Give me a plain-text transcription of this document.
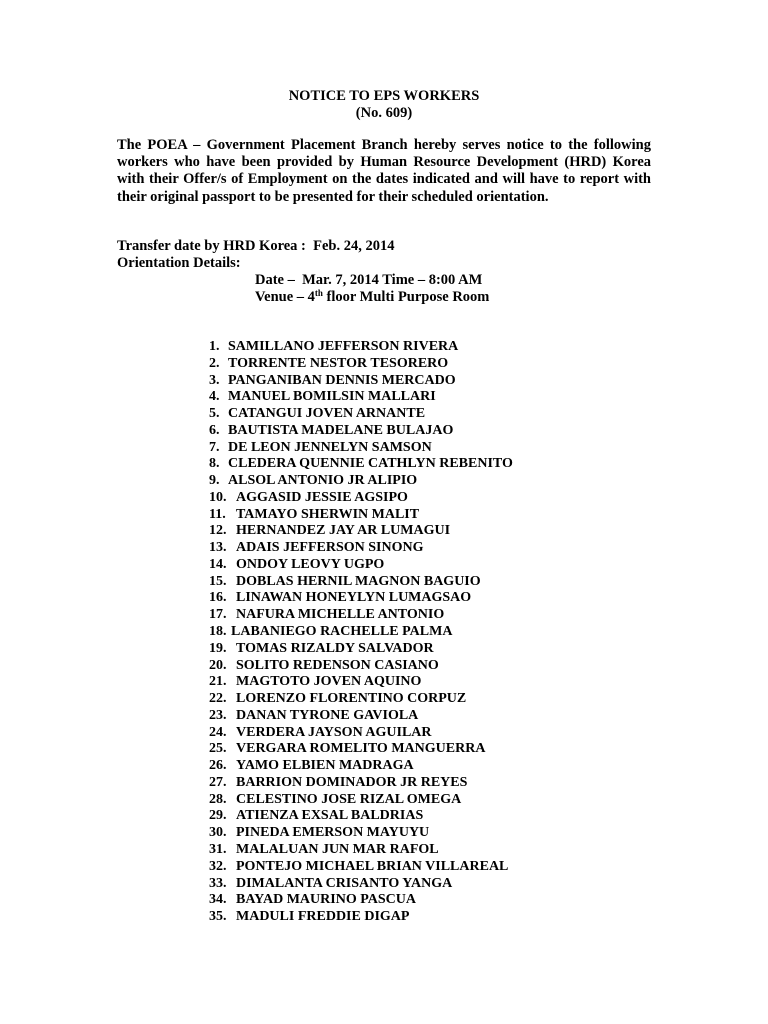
NOTICE TO EPS WORKERS
(No. 609)
The POEA – Government Placement Branch hereby serves notice to the following workers who have been provided by Human Resource Development (HRD) Korea with their Offer/s of Employment on the dates indicated and will have to report with their original passport to be presented for their scheduled orientation.
Transfer date by HRD Korea : Feb. 24, 2014
Orientation Details:
Date –  Mar. 7, 2014 Time – 8:00 AM
Venue – 4th floor Multi Purpose Room
1. SAMILLANO JEFFERSON RIVERA
2. TORRENTE NESTOR TESORERO
3. PANGANIBAN DENNIS MERCADO
4. MANUEL BOMILSIN MALLARI
5. CATANGUI JOVEN ARNANTE
6. BAUTISTA MADELANE BULAJAO
7. DE LEON JENNELYN SAMSON
8. CLEDERA QUENNIE CATHLYN REBENITO
9. ALSOL ANTONIO JR ALIPIO
10. AGGASID JESSIE AGSIPO
11. TAMAYO SHERWIN MALIT
12. HERNANDEZ JAY AR LUMAGUI
13. ADAIS JEFFERSON SINONG
14. ONDOY LEOVY UGPO
15. DOBLAS HERNIL MAGNON BAGUIO
16. LINAWAN HONEYLYN LUMAGSAO
17. NAFURA MICHELLE ANTONIO
18. LABANIEGO RACHELLE PALMA
19. TOMAS RIZALDY SALVADOR
20. SOLITO REDENSON CASIANO
21. MAGTOTO JOVEN AQUINO
22. LORENZO FLORENTINO CORPUZ
23. DANAN TYRONE GAVIOLA
24. VERDERA JAYSON AGUILAR
25. VERGARA ROMELITO MANGUERRA
26. YAMO ELBIEN MADRAGA
27. BARRION DOMINADOR JR REYES
28. CELESTINO JOSE RIZAL OMEGA
29. ATIENZA EXSAL BALDRIAS
30. PINEDA EMERSON MAYUYU
31. MALALUAN JUN MAR RAFOL
32. PONTEJO MICHAEL BRIAN VILLAREAL
33. DIMALANTA CRISANTO YANGA
34. BAYAD MAURINO PASCUA
35. MADULI FREDDIE DIGAP
